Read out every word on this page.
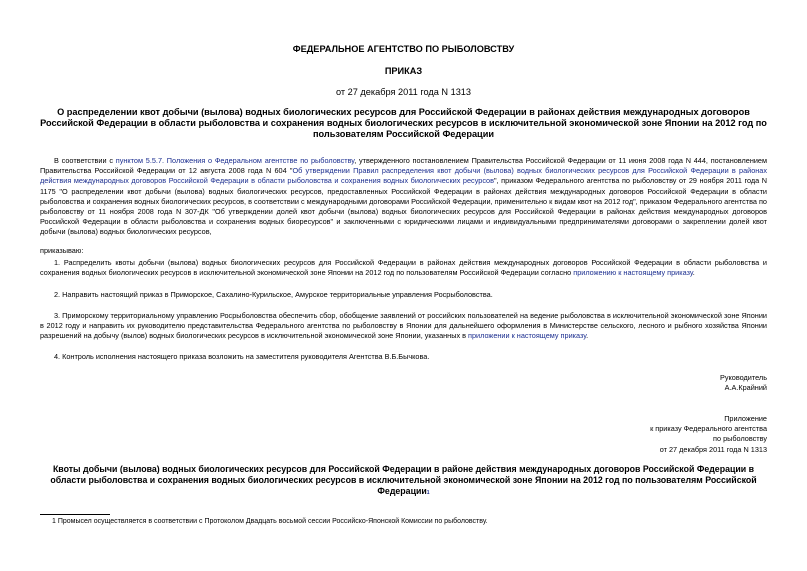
ФЕДЕРАЛЬНОЕ АГЕНТСТВО ПО РЫБОЛОВСТВУ
ПРИКАЗ
от 27 декабря 2011 года N 1313
О распределении квот добычи (вылова) водных биологических ресурсов для Российской Федерации в районах действия международных договоров Российской Федерации в области рыболовства и сохранения водных биологических ресурсов в исключительной экономической зоне Японии на 2012 год по пользователям Российской Федерации
В соответствии с пунктом 5.5.7. Положения о Федеральном агентстве по рыболовству, утвержденного постановлением Правительства Российской Федерации от 11 июня 2008 года N 444, постановлением Правительства Российской Федерации от 12 августа 2008 года N 604 "Об утверждении Правил распределения квот добычи (вылова) водных биологических ресурсов для Российской Федерации в районах действия международных договоров Российской Федерации в области рыболовства и сохранения водных биологических ресурсов", приказом Федерального агентства по рыболовству от 29 ноября 2011 года N 1175 "О распределении квот добычи (вылова) водных биологических ресурсов, предоставленных Российской Федерации в районах действия международных договоров Российской Федерации в области рыболовства и сохранения водных биологических ресурсов, в соответствии с международными договорами Российской Федерации, применительно к видам квот на 2012 год", приказом Федерального агентства по рыболовству от 11 ноября 2008 года N 307-ДК "Об утверждении долей квот добычи (вылова) водных биологических ресурсов для Российской Федерации в районах действия международных договоров Российской Федерации в области рыболовства и сохранения водных биоресурсов" и заключенными с юридическими лицами и индивидуальными предпринимателями договорами о закреплении долей квот добычи (вылова) водных биологических ресурсов,
приказываю:
1. Распределить квоты добычи (вылова) водных биологических ресурсов для Российской Федерации в районах действия международных договоров Российской Федерации в области рыболовства и сохранения водных биологических ресурсов в исключительной экономической зоне Японии на 2012 год по пользователям Российской Федерации согласно приложению к настоящему приказу.
2. Направить настоящий приказ в Приморское, Сахалино-Курильское, Амурское территориальные управления Росрыболовства.
3. Приморскому территориальному управлению Росрыболовства обеспечить сбор, обобщение заявлений от российских пользователей на ведение рыболовства в исключительной экономической зоне Японии в 2012 году и направить их руководителю представительства Федерального агентства по рыболовству в Японии для дальнейшего оформления в Министерстве сельского, лесного и рыбного хозяйства Японии разрешений на добычу (вылов) водных биологических ресурсов в исключительной экономической зоне Японии, указанных в приложении к настоящему приказу.
4. Контроль исполнения настоящего приказа возложить на заместителя руководителя Агентства В.Б.Бычкова.
Руководитель
А.А.Крайний
Приложение
к приказу Федерального агентства
по рыболовству
от 27 декабря 2011 года N 1313
Квоты добычи (вылова) водных биологических ресурсов для Российской Федерации в районе действия международных договоров Российской Федерации в области рыболовства и сохранения водных биологических ресурсов в исключительной экономической зоне Японии на 2012 год по пользователям Российской Федерации$^1$
1 Промысел осуществляется в соответствии с Протоколом Двадцать восьмой сессии Российско-Японской Комиссии по рыболовству.
